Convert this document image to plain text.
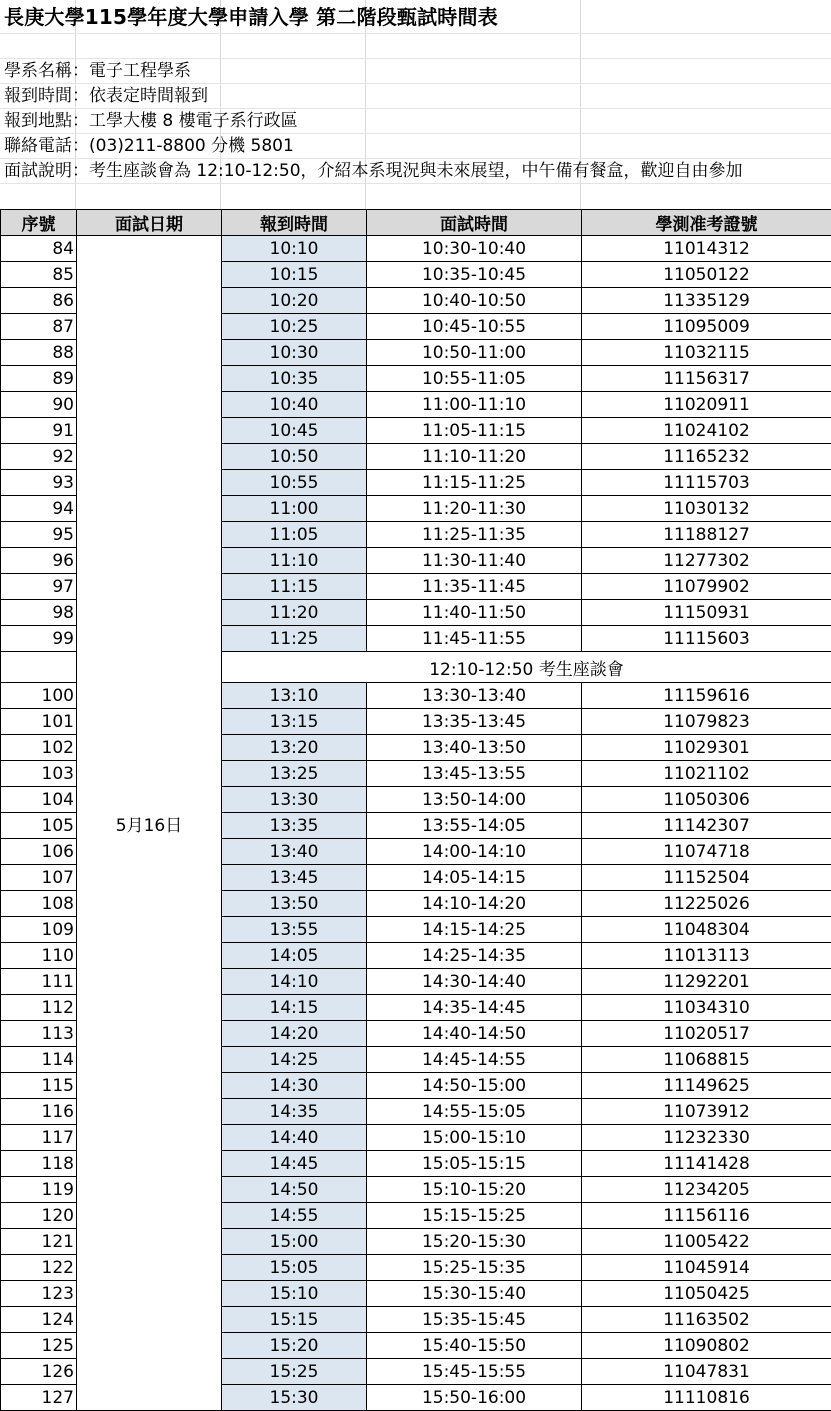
長庚大學115學年度大學申請入學 第二階段甄試時間表
學系名稱：電子工程學系
報到時間：依表定時間報到
報到地點：工學大樓 8 樓電子系行政區
聯絡電話：(03)211-8800 分機 5801
面試說明：考生座談會為 12:10-12:50，介紹本系現況與未來展望，中午備有餐盒，歡迎自由參加
序號	面試日期	報到時間	面試時間	學測准考證號
84	5月16日	10:10	10:30-10:40	11014312
85		10:15	10:35-10:45	11050122
86		10:20	10:40-10:50	11335129
87		10:25	10:45-10:55	11095009
88		10:30	10:50-11:00	11032115
89		10:35	10:55-11:05	11156317
90		10:40	11:00-11:10	11020911
91		10:45	11:05-11:15	11024102
92		10:50	11:10-11:20	11165232
93		10:55	11:15-11:25	11115703
94		11:00	11:20-11:30	11030132
95		11:05	11:25-11:35	11188127
96		11:10	11:30-11:40	11277302
97		11:15	11:35-11:45	11079902
98		11:20	11:40-11:50	11150931
99		11:25	11:45-11:55	11115603
		12:10-12:50 考生座談會		
100		13:10	13:30-13:40	11159616
101		13:15	13:35-13:45	11079823
102		13:20	13:40-13:50	11029301
103		13:25	13:45-13:55	11021102
104		13:30	13:50-14:00	11050306
105		13:35	13:55-14:05	11142307
106		13:40	14:00-14:10	11074718
107		13:45	14:05-14:15	11152504
108		13:50	14:10-14:20	11225026
109		13:55	14:15-14:25	11048304
110		14:05	14:25-14:35	11013113
111		14:10	14:30-14:40	11292201
112		14:15	14:35-14:45	11034310
113		14:20	14:40-14:50	11020517
114		14:25	14:45-14:55	11068815
115		14:30	14:50-15:00	11149625
116		14:35	14:55-15:05	11073912
117		14:40	15:00-15:10	11232330
118		14:45	15:05-15:15	11141428
119		14:50	15:10-15:20	11234205
120		14:55	15:15-15:25	11156116
121		15:00	15:20-15:30	11005422
122		15:05	15:25-15:35	11045914
123		15:10	15:30-15:40	11050425
124		15:15	15:35-15:45	11163502
125		15:20	15:40-15:50	11090802
126		15:25	15:45-15:55	11047831
127		15:30	15:50-16:00	11110816
